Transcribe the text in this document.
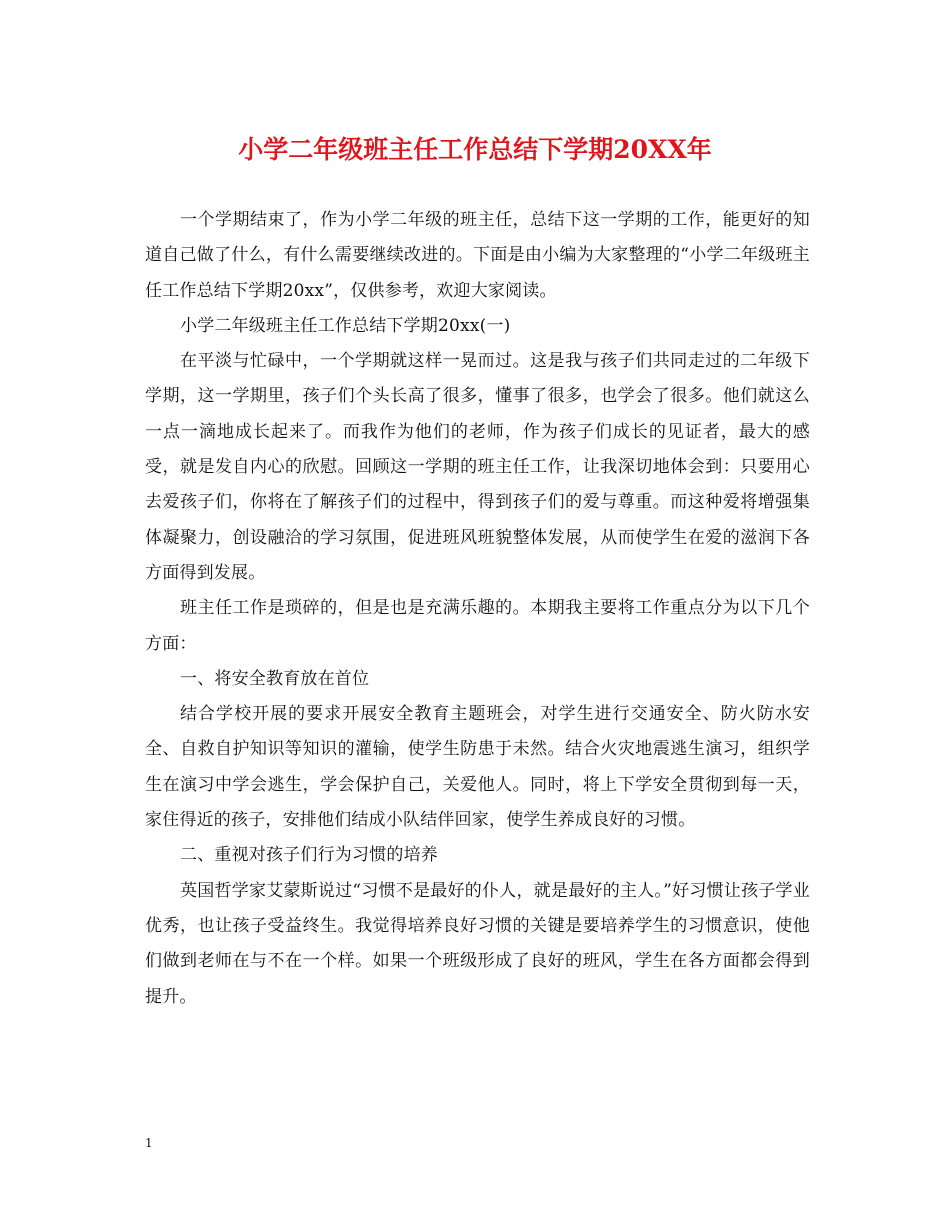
小学二年级班主任工作总结下学期20XX年

一个学期结束了，作为小学二年级的班主任，总结下这一学期的工作，能更好的知道自己做了什么，有什么需要继续改进的。下面是由小编为大家整理的“小学二年级班主任工作总结下学期20xx”，仅供参考，欢迎大家阅读。

小学二年级班主任工作总结下学期20xx(一)

在平淡与忙碌中，一个学期就这样一晃而过。这是我与孩子们共同走过的二年级下学期，这一学期里，孩子们个头长高了很多，懂事了很多，也学会了很多。他们就这么一点一滴地成长起来了。而我作为他们的老师，作为孩子们成长的见证者，最大的感受，就是发自内心的欣慰。回顾这一学期的班主任工作，让我深切地体会到：只要用心去爱孩子们，你将在了解孩子们的过程中，得到孩子们的爱与尊重。而这种爱将增强集体凝聚力，创设融洽的学习氛围，促进班风班貌整体发展，从而使学生在爱的滋润下各方面得到发展。

班主任工作是琐碎的，但是也是充满乐趣的。本期我主要将工作重点分为以下几个方面：

一、将安全教育放在首位

结合学校开展的要求开展安全教育主题班会，对学生进行交通安全、防火防水安全、自救自护知识等知识的灌输，使学生防患于未然。结合火灾地震逃生演习，组织学生在演习中学会逃生，学会保护自己，关爱他人。同时，将上下学安全贯彻到每一天，家住得近的孩子，安排他们结成小队结伴回家，使学生养成良好的习惯。

二、重视对孩子们行为习惯的培养

英国哲学家艾蒙斯说过“习惯不是最好的仆人，就是最好的主人。”好习惯让孩子学业优秀，也让孩子受益终生。我觉得培养良好习惯的关键是要培养学生的习惯意识，使他们做到老师在与不在一个样。如果一个班级形成了良好的班风，学生在各方面都会得到提升。

1
